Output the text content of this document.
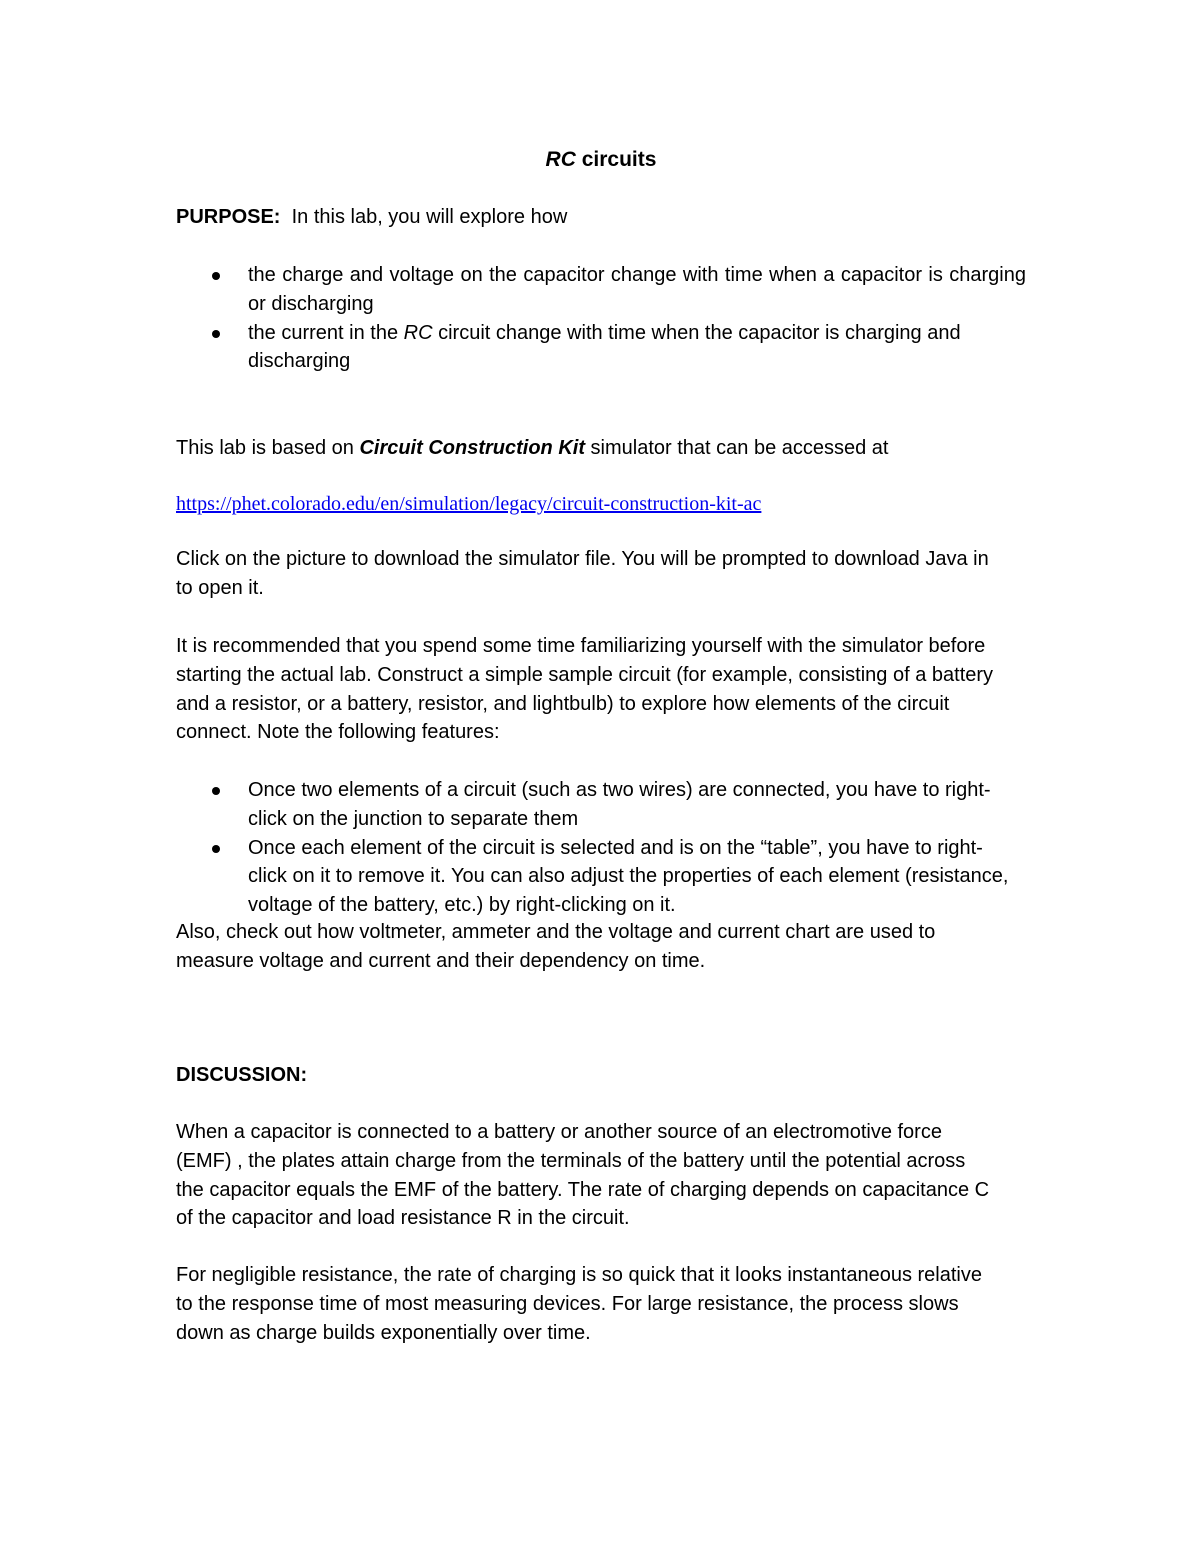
RC circuits
PURPOSE:  In this lab, you will explore how
the charge and voltage on the capacitor change with time when a capacitor is charging or discharging
the current in the RC circuit change with time when the capacitor is charging and discharging
This lab is based on Circuit Construction Kit simulator that can be accessed at
https://phet.colorado.edu/en/simulation/legacy/circuit-construction-kit-ac
Click on the picture to download the simulator file. You will be prompted to download Java in to open it.
It is recommended that you spend some time familiarizing yourself with the simulator before starting the actual lab. Construct a simple sample circuit (for example, consisting of a battery and a resistor, or a battery, resistor, and lightbulb) to explore how elements of the circuit connect. Note the following features:
Once two elements of a circuit (such as two wires) are connected, you have to right-click on the junction to separate them
Once each element of the circuit is selected and is on the “table”, you have to right-click on it to remove it. You can also adjust the properties of each element (resistance, voltage of the battery, etc.) by right-clicking on it.
Also, check out how voltmeter, ammeter and the voltage and current chart are used to measure voltage and current and their dependency on time.
DISCUSSION:
When a capacitor is connected to a battery or another source of an electromotive force (EMF) , the plates attain charge from the terminals of the battery until the potential across the capacitor equals the EMF of the battery. The rate of charging depends on capacitance C of the capacitor and load resistance R in the circuit.
For negligible resistance, the rate of charging is so quick that it looks instantaneous relative to the response time of most measuring devices. For large resistance, the process slows down as charge builds exponentially over time.
